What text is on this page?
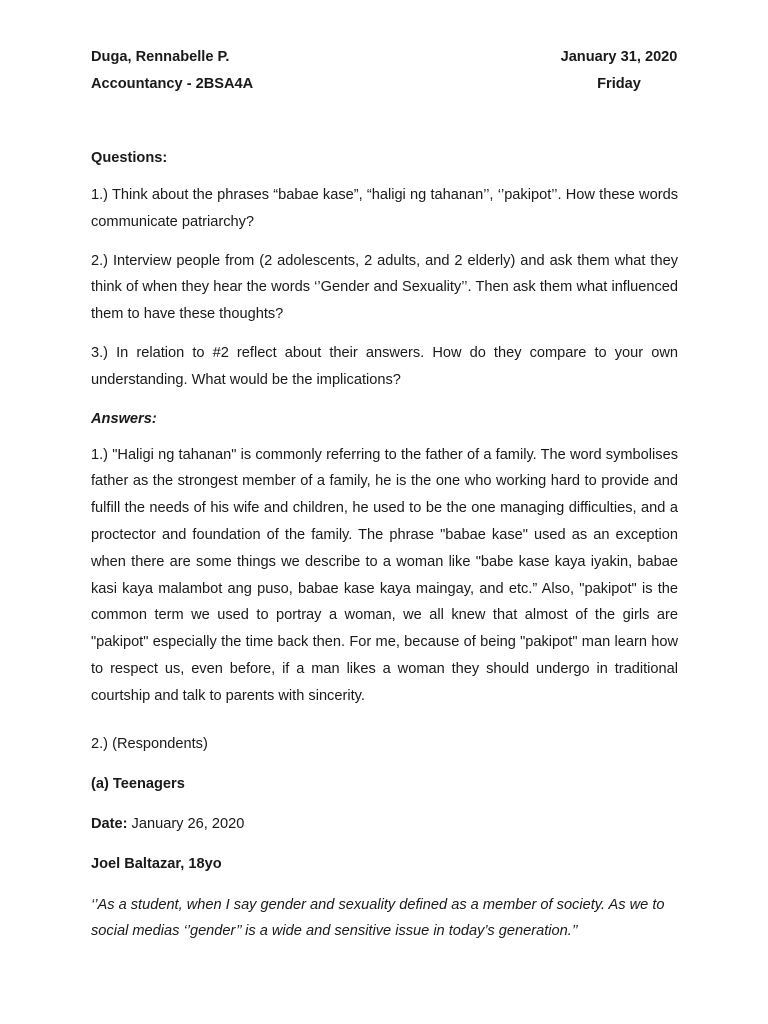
Duga, Rennabelle P.	January 31, 2020
Accountancy - 2BSA4A	Friday
Questions:

1.) Think about the phrases “babae kase”, “haligi ng tahanan’’, ‘’pakipot’’. How these words communicate patriarchy?

2.) Interview people from (2 adolescents, 2 adults, and 2 elderly) and ask them what they think of when they hear the words ‘’Gender and Sexuality’’. Then ask them what influenced them to have these thoughts?

3.) In relation to #2 reflect about their answers. How do they compare to your own understanding. What would be the implications?

Answers:

1.) "Haligi ng tahanan" is commonly referring to the father of a family. The word symbolises father as the strongest member of a family, he is the one who working hard to provide and fulfill the needs of his wife and children, he used to be the one managing difficulties, and a proctector and foundation of the family. The phrase "babae kase" used as an exception when there are some things we describe to a woman like "babe kase kaya iyakin, babae kasi kaya malambot ang puso, babae kase kaya maingay, and etc.” Also, "pakipot" is the common term we used to portray a woman, we all knew that almost of the girls are "pakipot" especially the time back then. For me, because of being "pakipot" man learn how to respect us, even before, if a man likes a woman they should undergo in traditional courtship and talk to parents with sincerity.

2.) (Respondents)
(a) Teenagers
Date: January 26, 2020
Joel Baltazar, 18yo

‘’As a student, when I say gender and sexuality defined as a member of society. As we to social medias ‘’gender’’ is a wide and sensitive issue in today’s generation.’’
